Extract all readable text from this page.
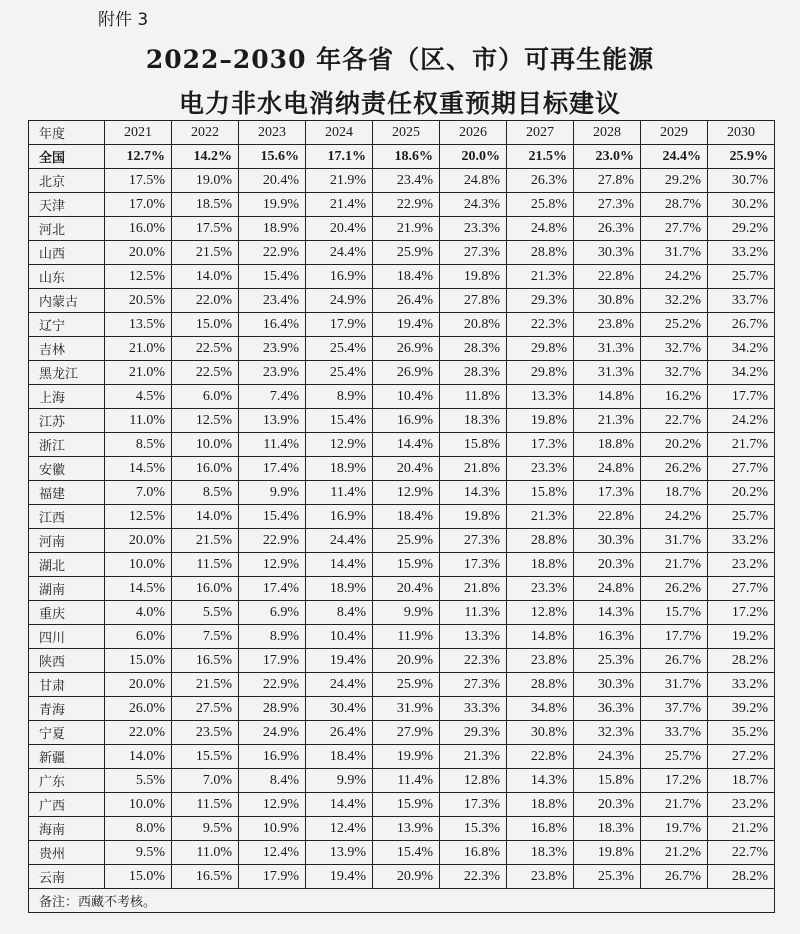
附件 3
2022–2030 年各省（区、市）可再生能源
电力非水电消纳责任权重预期目标建议
年度	2021	2022	2023	2024	2025	2026	2027	2028	2029	2030
全国	12.7%	14.2%	15.6%	17.1%	18.6%	20.0%	21.5%	23.0%	24.4%	25.9%
北京	17.5%	19.0%	20.4%	21.9%	23.4%	24.8%	26.3%	27.8%	29.2%	30.7%
天津	17.0%	18.5%	19.9%	21.4%	22.9%	24.3%	25.8%	27.3%	28.7%	30.2%
河北	16.0%	17.5%	18.9%	20.4%	21.9%	23.3%	24.8%	26.3%	27.7%	29.2%
山西	20.0%	21.5%	22.9%	24.4%	25.9%	27.3%	28.8%	30.3%	31.7%	33.2%
山东	12.5%	14.0%	15.4%	16.9%	18.4%	19.8%	21.3%	22.8%	24.2%	25.7%
内蒙古	20.5%	22.0%	23.4%	24.9%	26.4%	27.8%	29.3%	30.8%	32.2%	33.7%
辽宁	13.5%	15.0%	16.4%	17.9%	19.4%	20.8%	22.3%	23.8%	25.2%	26.7%
吉林	21.0%	22.5%	23.9%	25.4%	26.9%	28.3%	29.8%	31.3%	32.7%	34.2%
黑龙江	21.0%	22.5%	23.9%	25.4%	26.9%	28.3%	29.8%	31.3%	32.7%	34.2%
上海	4.5%	6.0%	7.4%	8.9%	10.4%	11.8%	13.3%	14.8%	16.2%	17.7%
江苏	11.0%	12.5%	13.9%	15.4%	16.9%	18.3%	19.8%	21.3%	22.7%	24.2%
浙江	8.5%	10.0%	11.4%	12.9%	14.4%	15.8%	17.3%	18.8%	20.2%	21.7%
安徽	14.5%	16.0%	17.4%	18.9%	20.4%	21.8%	23.3%	24.8%	26.2%	27.7%
福建	7.0%	8.5%	9.9%	11.4%	12.9%	14.3%	15.8%	17.3%	18.7%	20.2%
江西	12.5%	14.0%	15.4%	16.9%	18.4%	19.8%	21.3%	22.8%	24.2%	25.7%
河南	20.0%	21.5%	22.9%	24.4%	25.9%	27.3%	28.8%	30.3%	31.7%	33.2%
湖北	10.0%	11.5%	12.9%	14.4%	15.9%	17.3%	18.8%	20.3%	21.7%	23.2%
湖南	14.5%	16.0%	17.4%	18.9%	20.4%	21.8%	23.3%	24.8%	26.2%	27.7%
重庆	4.0%	5.5%	6.9%	8.4%	9.9%	11.3%	12.8%	14.3%	15.7%	17.2%
四川	6.0%	7.5%	8.9%	10.4%	11.9%	13.3%	14.8%	16.3%	17.7%	19.2%
陕西	15.0%	16.5%	17.9%	19.4%	20.9%	22.3%	23.8%	25.3%	26.7%	28.2%
甘肃	20.0%	21.5%	22.9%	24.4%	25.9%	27.3%	28.8%	30.3%	31.7%	33.2%
青海	26.0%	27.5%	28.9%	30.4%	31.9%	33.3%	34.8%	36.3%	37.7%	39.2%
宁夏	22.0%	23.5%	24.9%	26.4%	27.9%	29.3%	30.8%	32.3%	33.7%	35.2%
新疆	14.0%	15.5%	16.9%	18.4%	19.9%	21.3%	22.8%	24.3%	25.7%	27.2%
广东	5.5%	7.0%	8.4%	9.9%	11.4%	12.8%	14.3%	15.8%	17.2%	18.7%
广西	10.0%	11.5%	12.9%	14.4%	15.9%	17.3%	18.8%	20.3%	21.7%	23.2%
海南	8.0%	9.5%	10.9%	12.4%	13.9%	15.3%	16.8%	18.3%	19.7%	21.2%
贵州	9.5%	11.0%	12.4%	13.9%	15.4%	16.8%	18.3%	19.8%	21.2%	22.7%
云南	15.0%	16.5%	17.9%	19.4%	20.9%	22.3%	23.8%	25.3%	26.7%	28.2%
备注：西藏不考核。										
